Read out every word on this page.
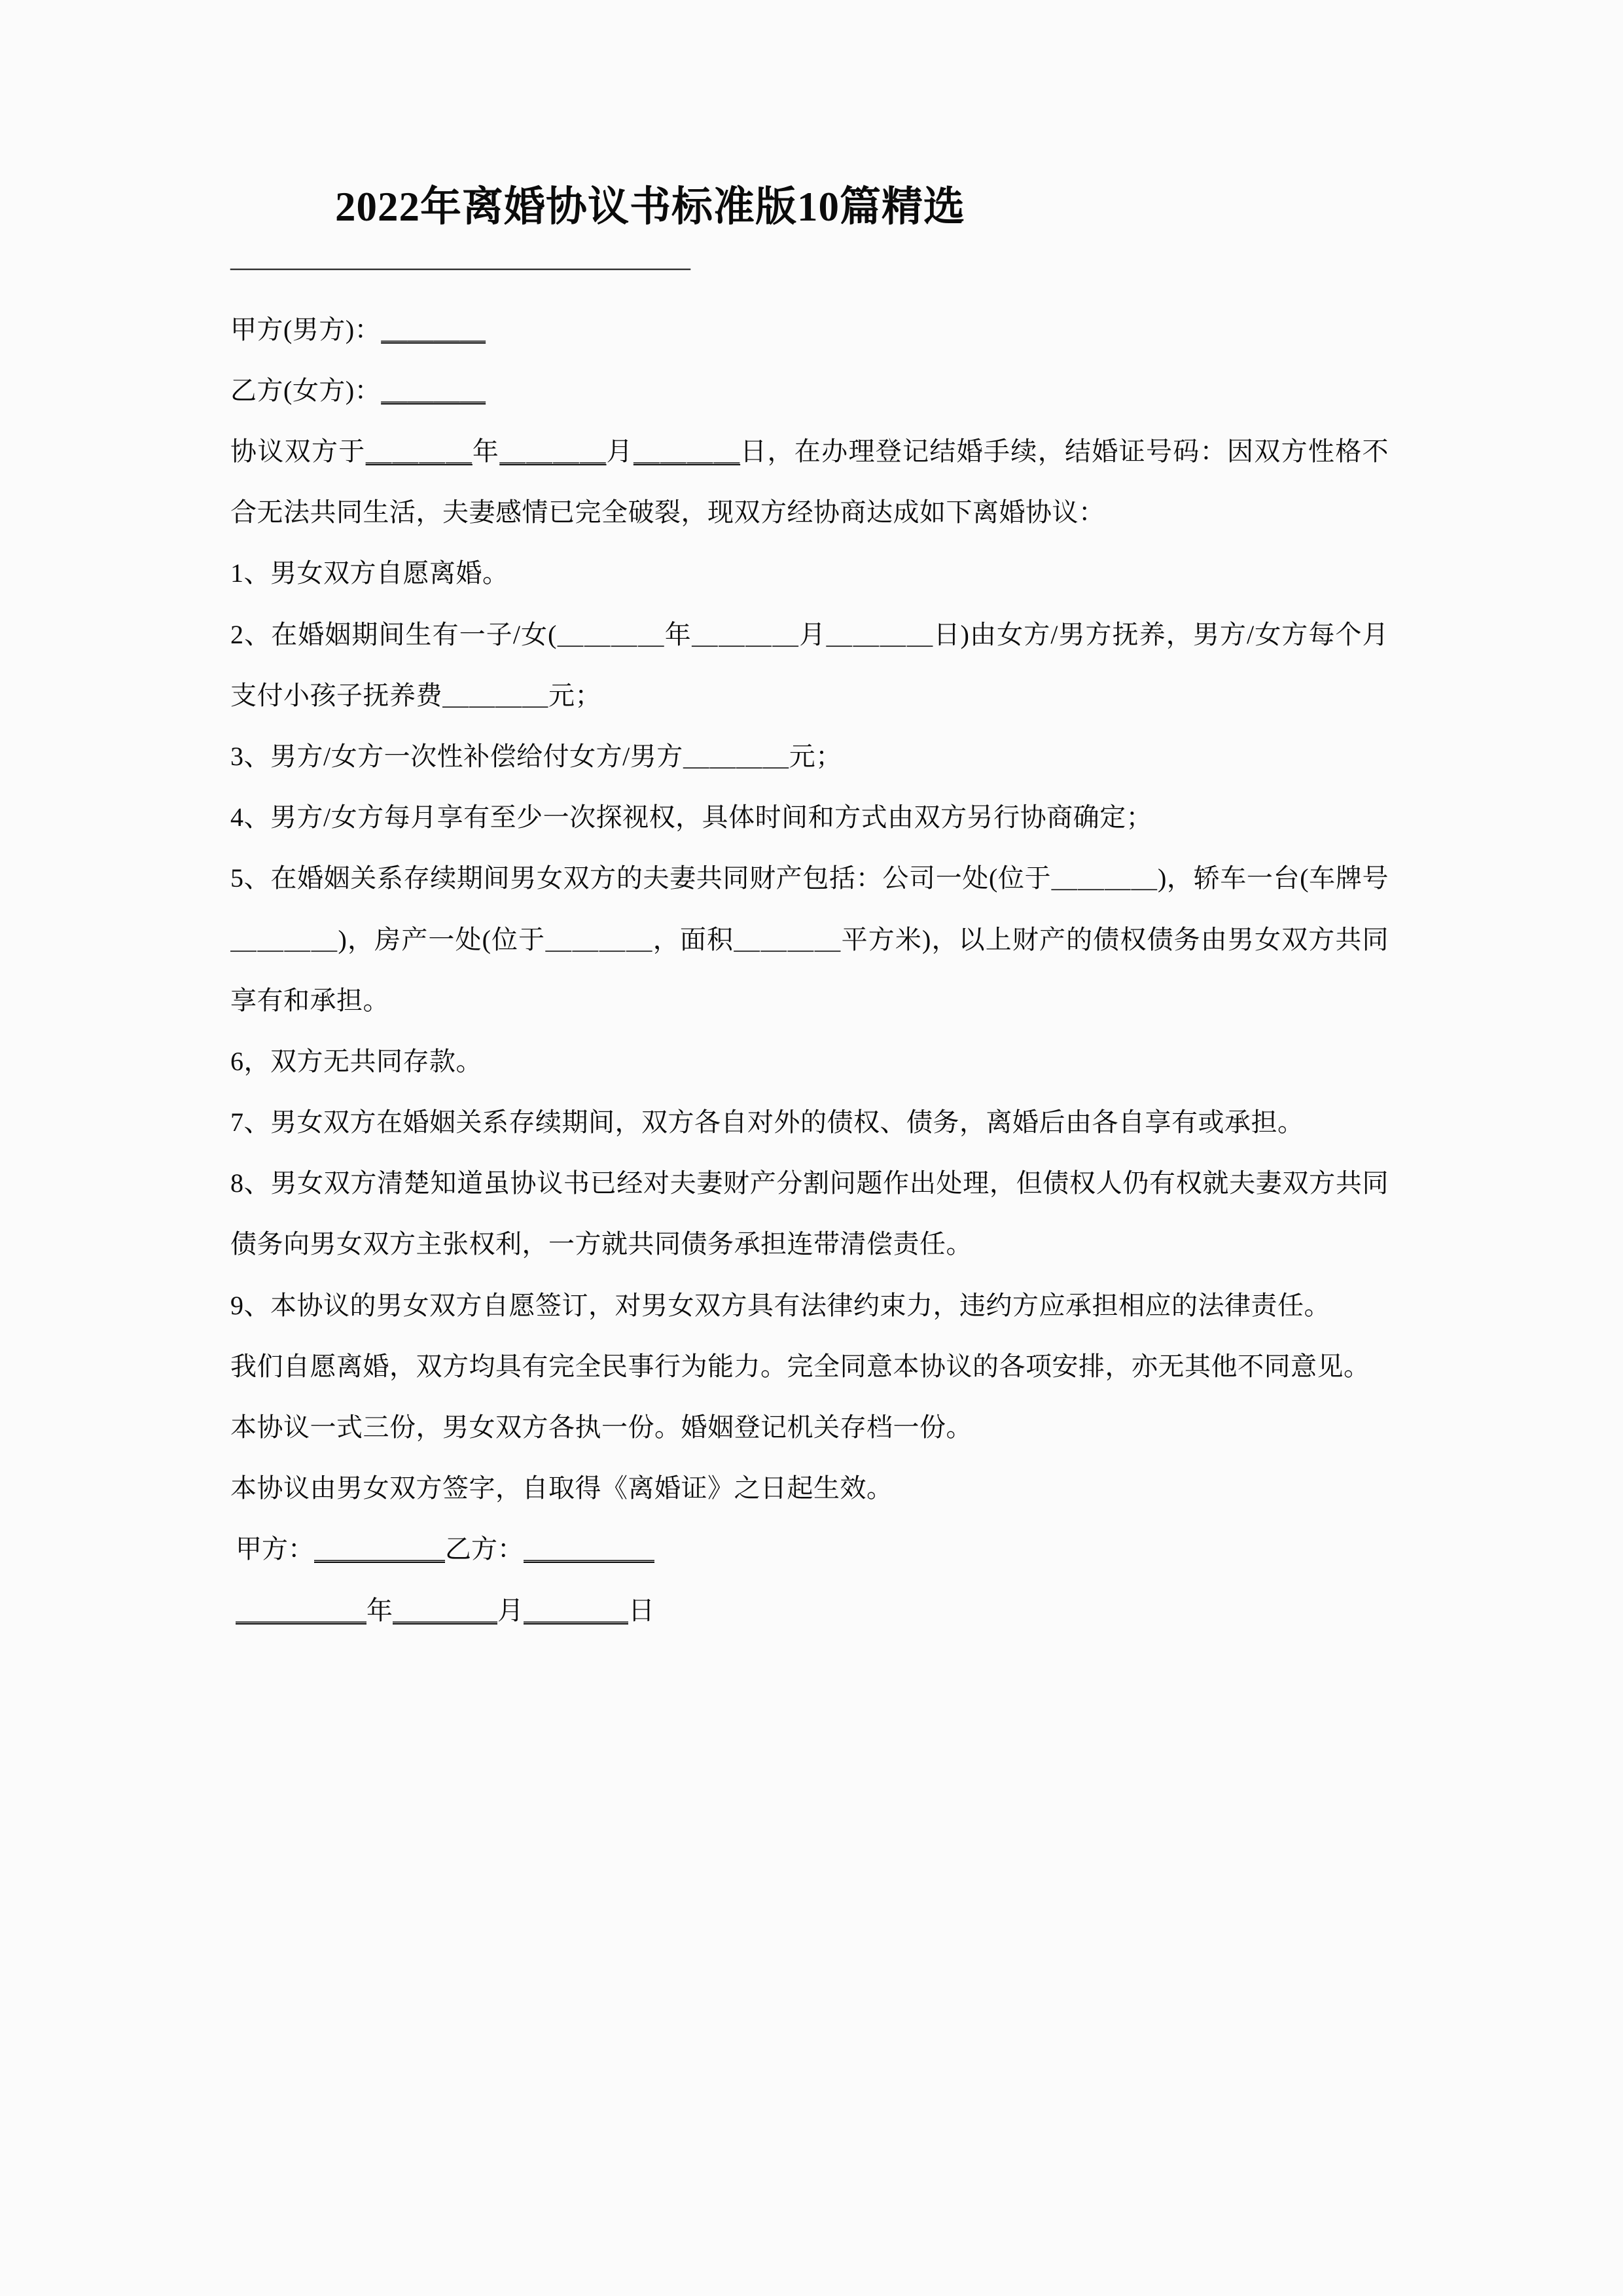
2022年离婚协议书标准版10篇精选
——————————————————

甲方(男方)：＿＿＿＿

乙方(女方)：＿＿＿＿

协议双方于＿＿＿＿年＿＿＿＿月＿＿＿＿日，在办理登记结婚手续，结婚证号码：因双方性格不合无法共同生活，夫妻感情已完全破裂，现双方经协商达成如下离婚协议：

1、男女双方自愿离婚。

2、在婚姻期间生有一子/女(＿＿＿＿年＿＿＿＿月＿＿＿＿日)由女方/男方抚养，男方/女方每个月支付小孩子抚养费＿＿＿＿元；

3、男方/女方一次性补偿给付女方/男方＿＿＿＿元；

4、男方/女方每月享有至少一次探视权，具体时间和方式由双方另行协商确定；

5、在婚姻关系存续期间男女双方的夫妻共同财产包括：公司一处(位于＿＿＿＿)，轿车一台(车牌号＿＿＿＿)，房产一处(位于＿＿＿＿，面积＿＿＿＿平方米)，以上财产的债权债务由男女双方共同享有和承担。

6，双方无共同存款。

7、男女双方在婚姻关系存续期间，双方各自对外的债权、债务，离婚后由各自享有或承担。

8、男女双方清楚知道虽协议书已经对夫妻财产分割问题作出处理，但债权人仍有权就夫妻双方共同债务向男女双方主张权利，一方就共同债务承担连带清偿责任。

9、本协议的男女双方自愿签订，对男女双方具有法律约束力，违约方应承担相应的法律责任。

我们自愿离婚，双方均具有完全民事行为能力。完全同意本协议的各项安排，亦无其他不同意见。

本协议一式三份，男女双方各执一份。婚姻登记机关存档一份。

本协议由男女双方签字，自取得《离婚证》之日起生效。

甲方：＿＿＿＿＿乙方：＿＿＿＿＿

＿＿＿＿＿年＿＿＿＿月＿＿＿＿日
